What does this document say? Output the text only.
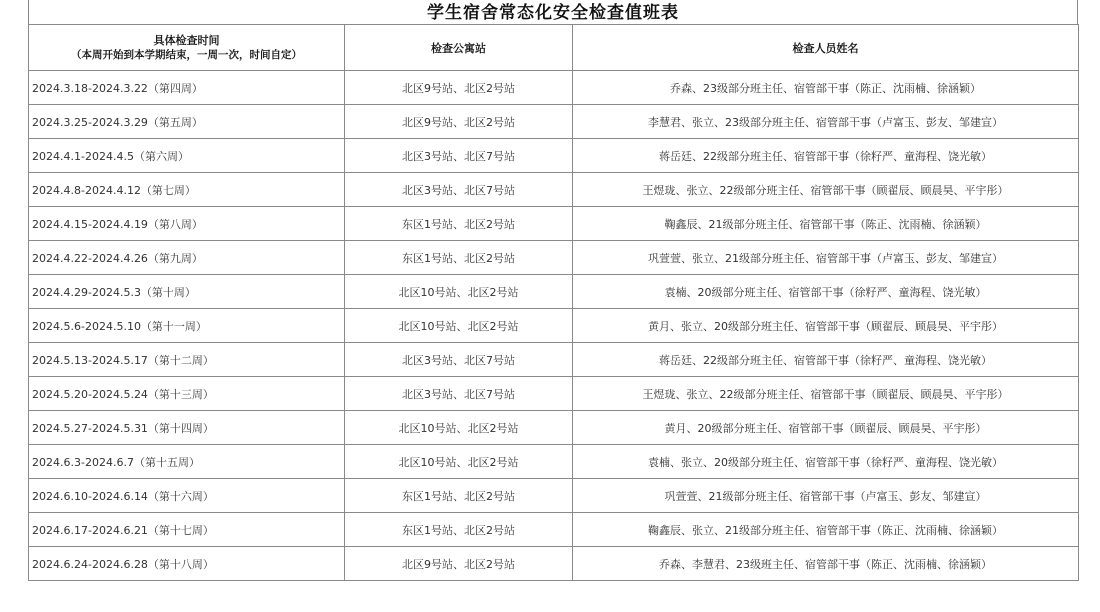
学生宿舍常态化安全检查值班表
具体检查时间
（本周开始到本学期结束，一周一次，时间自定）	检查公寓站	检查人员姓名
2024.3.18-2024.3.22（第四周）	北区9号站、北区2号站	乔森、23级部分班主任、宿管部干事（陈正、沈雨楠、徐涵颖）
2024.3.25-2024.3.29（第五周）	北区9号站、北区2号站	李慧君、张立、23级部分班主任、宿管部干事（卢富玉、彭友、邹建宣）
2024.4.1-2024.4.5（第六周）	北区3号站、北区7号站	蒋岳廷、22级部分班主任、宿管部干事（徐籽严、童海程、饶光敏）
2024.4.8-2024.4.12（第七周）	北区3号站、北区7号站	王煜珑、张立、22级部分班主任、宿管部干事（顾翟辰、顾晨昊、平宇彤）
2024.4.15-2024.4.19（第八周）	东区1号站、北区2号站	鞠鑫辰、21级部分班主任、宿管部干事（陈正、沈雨楠、徐涵颖）
2024.4.22-2024.4.26（第九周）	东区1号站、北区2号站	巩萱萱、张立、21级部分班主任、宿管部干事（卢富玉、彭友、邹建宣）
2024.4.29-2024.5.3（第十周）	北区10号站、北区2号站	袁楠、20级部分班主任、宿管部干事（徐籽严、童海程、饶光敏）
2024.5.6-2024.5.10（第十一周）	北区10号站、北区2号站	黄月、张立、20级部分班主任、宿管部干事（顾翟辰、顾晨昊、平宇彤）
2024.5.13-2024.5.17（第十二周）	北区3号站、北区7号站	蒋岳廷、22级部分班主任、宿管部干事（徐籽严、童海程、饶光敏）
2024.5.20-2024.5.24（第十三周）	北区3号站、北区7号站	王煜珑、张立、22级部分班主任、宿管部干事（顾翟辰、顾晨昊、平宇彤）
2024.5.27-2024.5.31（第十四周）	北区10号站、北区2号站	黄月、20级部分班主任、宿管部干事（顾翟辰、顾晨昊、平宇彤）
2024.6.3-2024.6.7（第十五周）	北区10号站、北区2号站	袁楠、张立、20级部分班主任、宿管部干事（徐籽严、童海程、饶光敏）
2024.6.10-2024.6.14（第十六周）	东区1号站、北区2号站	巩萱萱、21级部分班主任、宿管部干事（卢富玉、彭友、邹建宣）
2024.6.17-2024.6.21（第十七周）	东区1号站、北区2号站	鞠鑫辰、张立、21级部分班主任、宿管部干事（陈正、沈雨楠、徐涵颖）
2024.6.24-2024.6.28（第十八周）	北区9号站、北区2号站	乔森、李慧君、23级班主任、宿管部干事（陈正、沈雨楠、徐涵颖）
